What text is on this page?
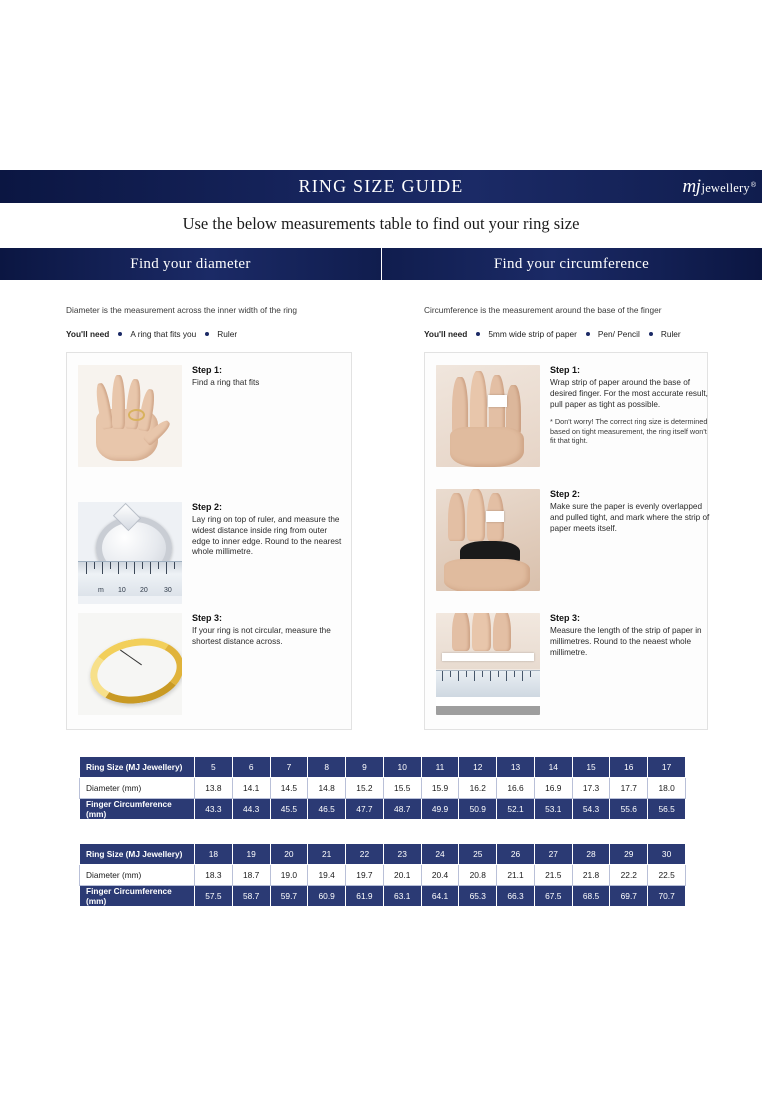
RING SIZE GUIDE	mj jewellery ®
Use the below measurements table to find out your ring size
Find your diameter	Find your circumference
Diameter is the measurement across the inner width of the ring	Circumference is the measurement around the base of the finger
You'll need	A ring that fits you	Ruler	You'll need	5mm wide strip of paper	Pen/ Pencil	Ruler
Step 1:
Find a ring that fits
m 10 20 30
Step 2:
Lay ring on top of ruler, and measure the widest distance inside ring from outer edge to inner edge. Round to the nearest whole millimetre.
Step 3:
If your ring is not circular, measure the shortest distance across.
Step 1:
Wrap strip of paper around the base of desired finger. For the most accurate result, pull paper as tight as possible.
* Don't worry! The correct ring size is determined based on tight measurement, the ring itself won't fit that tight.
Step 2:
Make sure the paper is evenly overlapped and pulled tight, and mark where the strip of paper meets itself.
Step 3:
Measure the length of the strip of paper in millimetres. Round to the neaest whole millimetre.
Ring Size (MJ Jewellery)	5	6	7	8	9	10	11	12	13	14	15	16	17
Diameter (mm)	13.8	14.1	14.5	14.8	15.2	15.5	15.9	16.2	16.6	16.9	17.3	17.7	18.0
Finger Circumference (mm)	43.3	44.3	45.5	46.5	47.7	48.7	49.9	50.9	52.1	53.1	54.3	55.6	56.5
Ring Size (MJ Jewellery)	18	19	20	21	22	23	24	25	26	27	28	29	30
Diameter (mm)	18.3	18.7	19.0	19.4	19.7	20.1	20.4	20.8	21.1	21.5	21.8	22.2	22.5
Finger Circumference (mm)	57.5	58.7	59.7	60.9	61.9	63.1	64.1	65.3	66.3	67.5	68.5	69.7	70.7
